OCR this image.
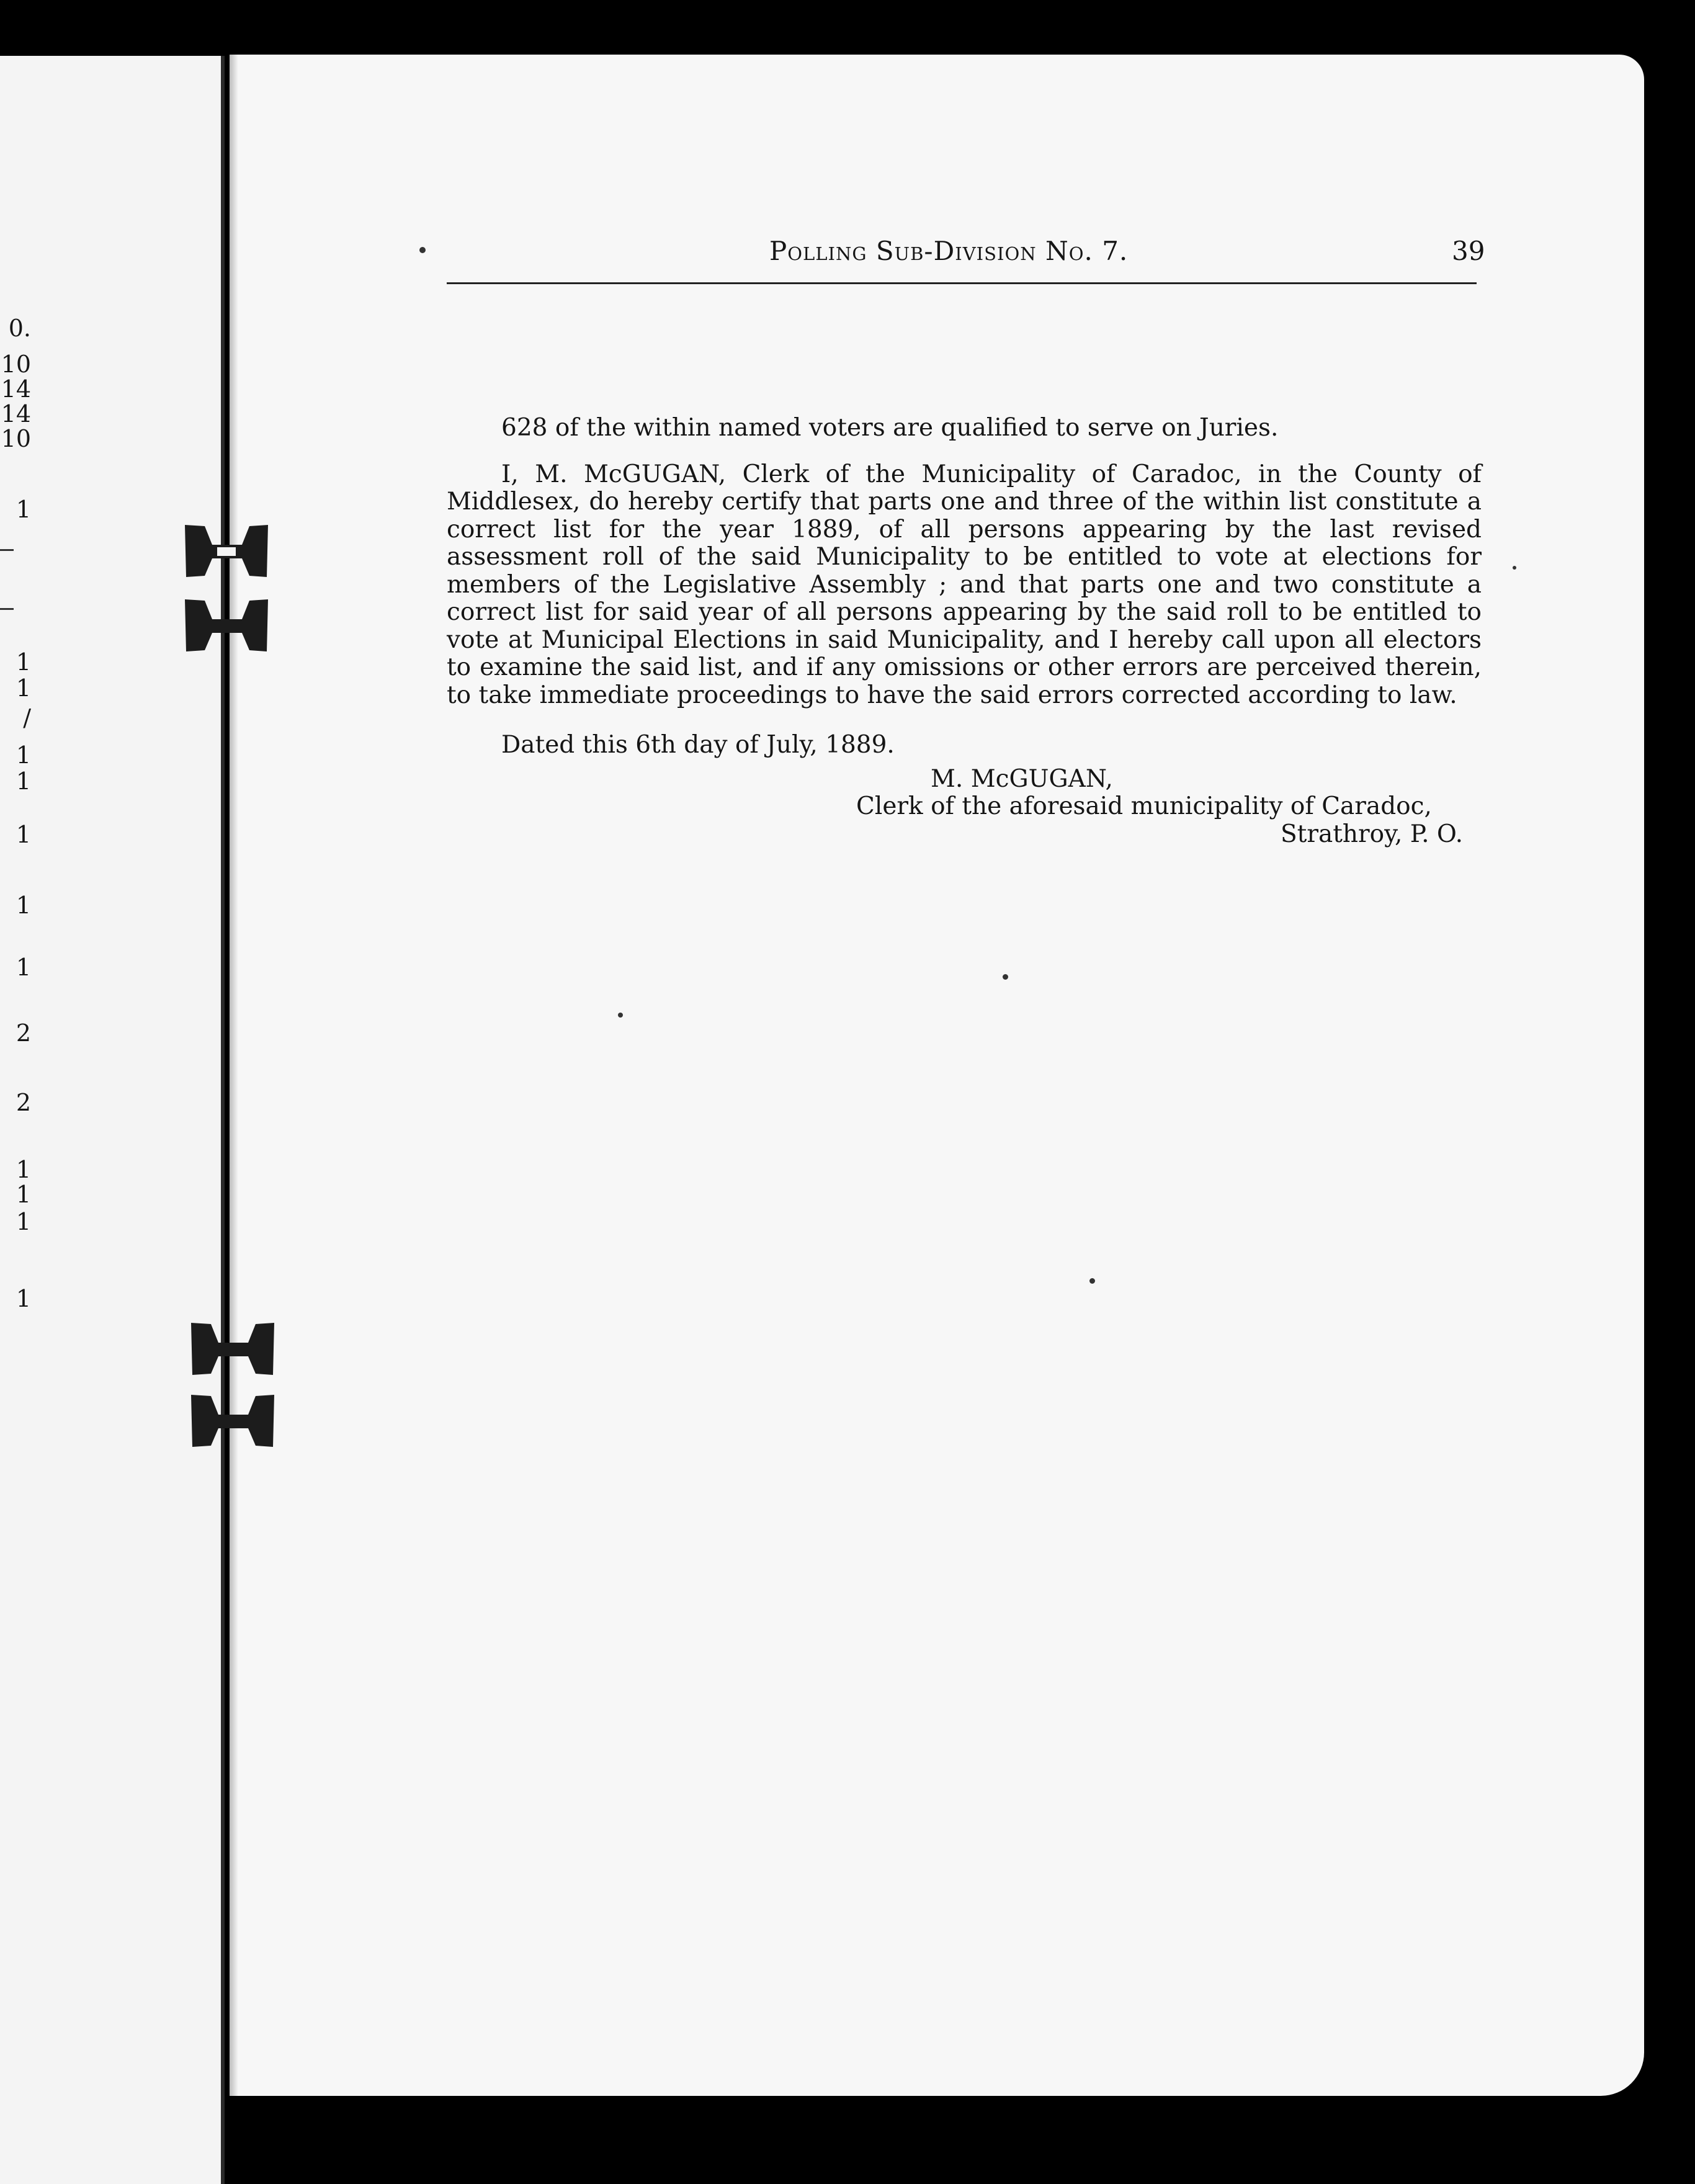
0.
10
14
14
10
1
1
1
/
1
1
1
1
1
2
2
1
1
1
1
Polling Sub-Division No. 7.	39

628 of the within named voters are qualified to serve on Juries.

I, M. McGUGAN, Clerk of the Municipality of Caradoc, in the County of Middlesex, do hereby certify that parts one and three of the within list constitute a correct list for the year 1889, of all persons appearing by the last revised assessment roll of the said Municipality to be entitled to vote at elections for members of the Legislative Assembly ; and that parts one and two constitute a correct list for said year of all persons appearing by the said roll to be entitled to vote at Municipal Elections in said Municipality, and I hereby call upon all electors to examine the said list, and if any omissions or other errors are perceived therein, to take immediate proceedings to have the said errors corrected according to law.

Dated this 6th day of July, 1889.

M. McGUGAN,

Clerk of the aforesaid municipality of Caradoc,

Strathroy, P. O.
